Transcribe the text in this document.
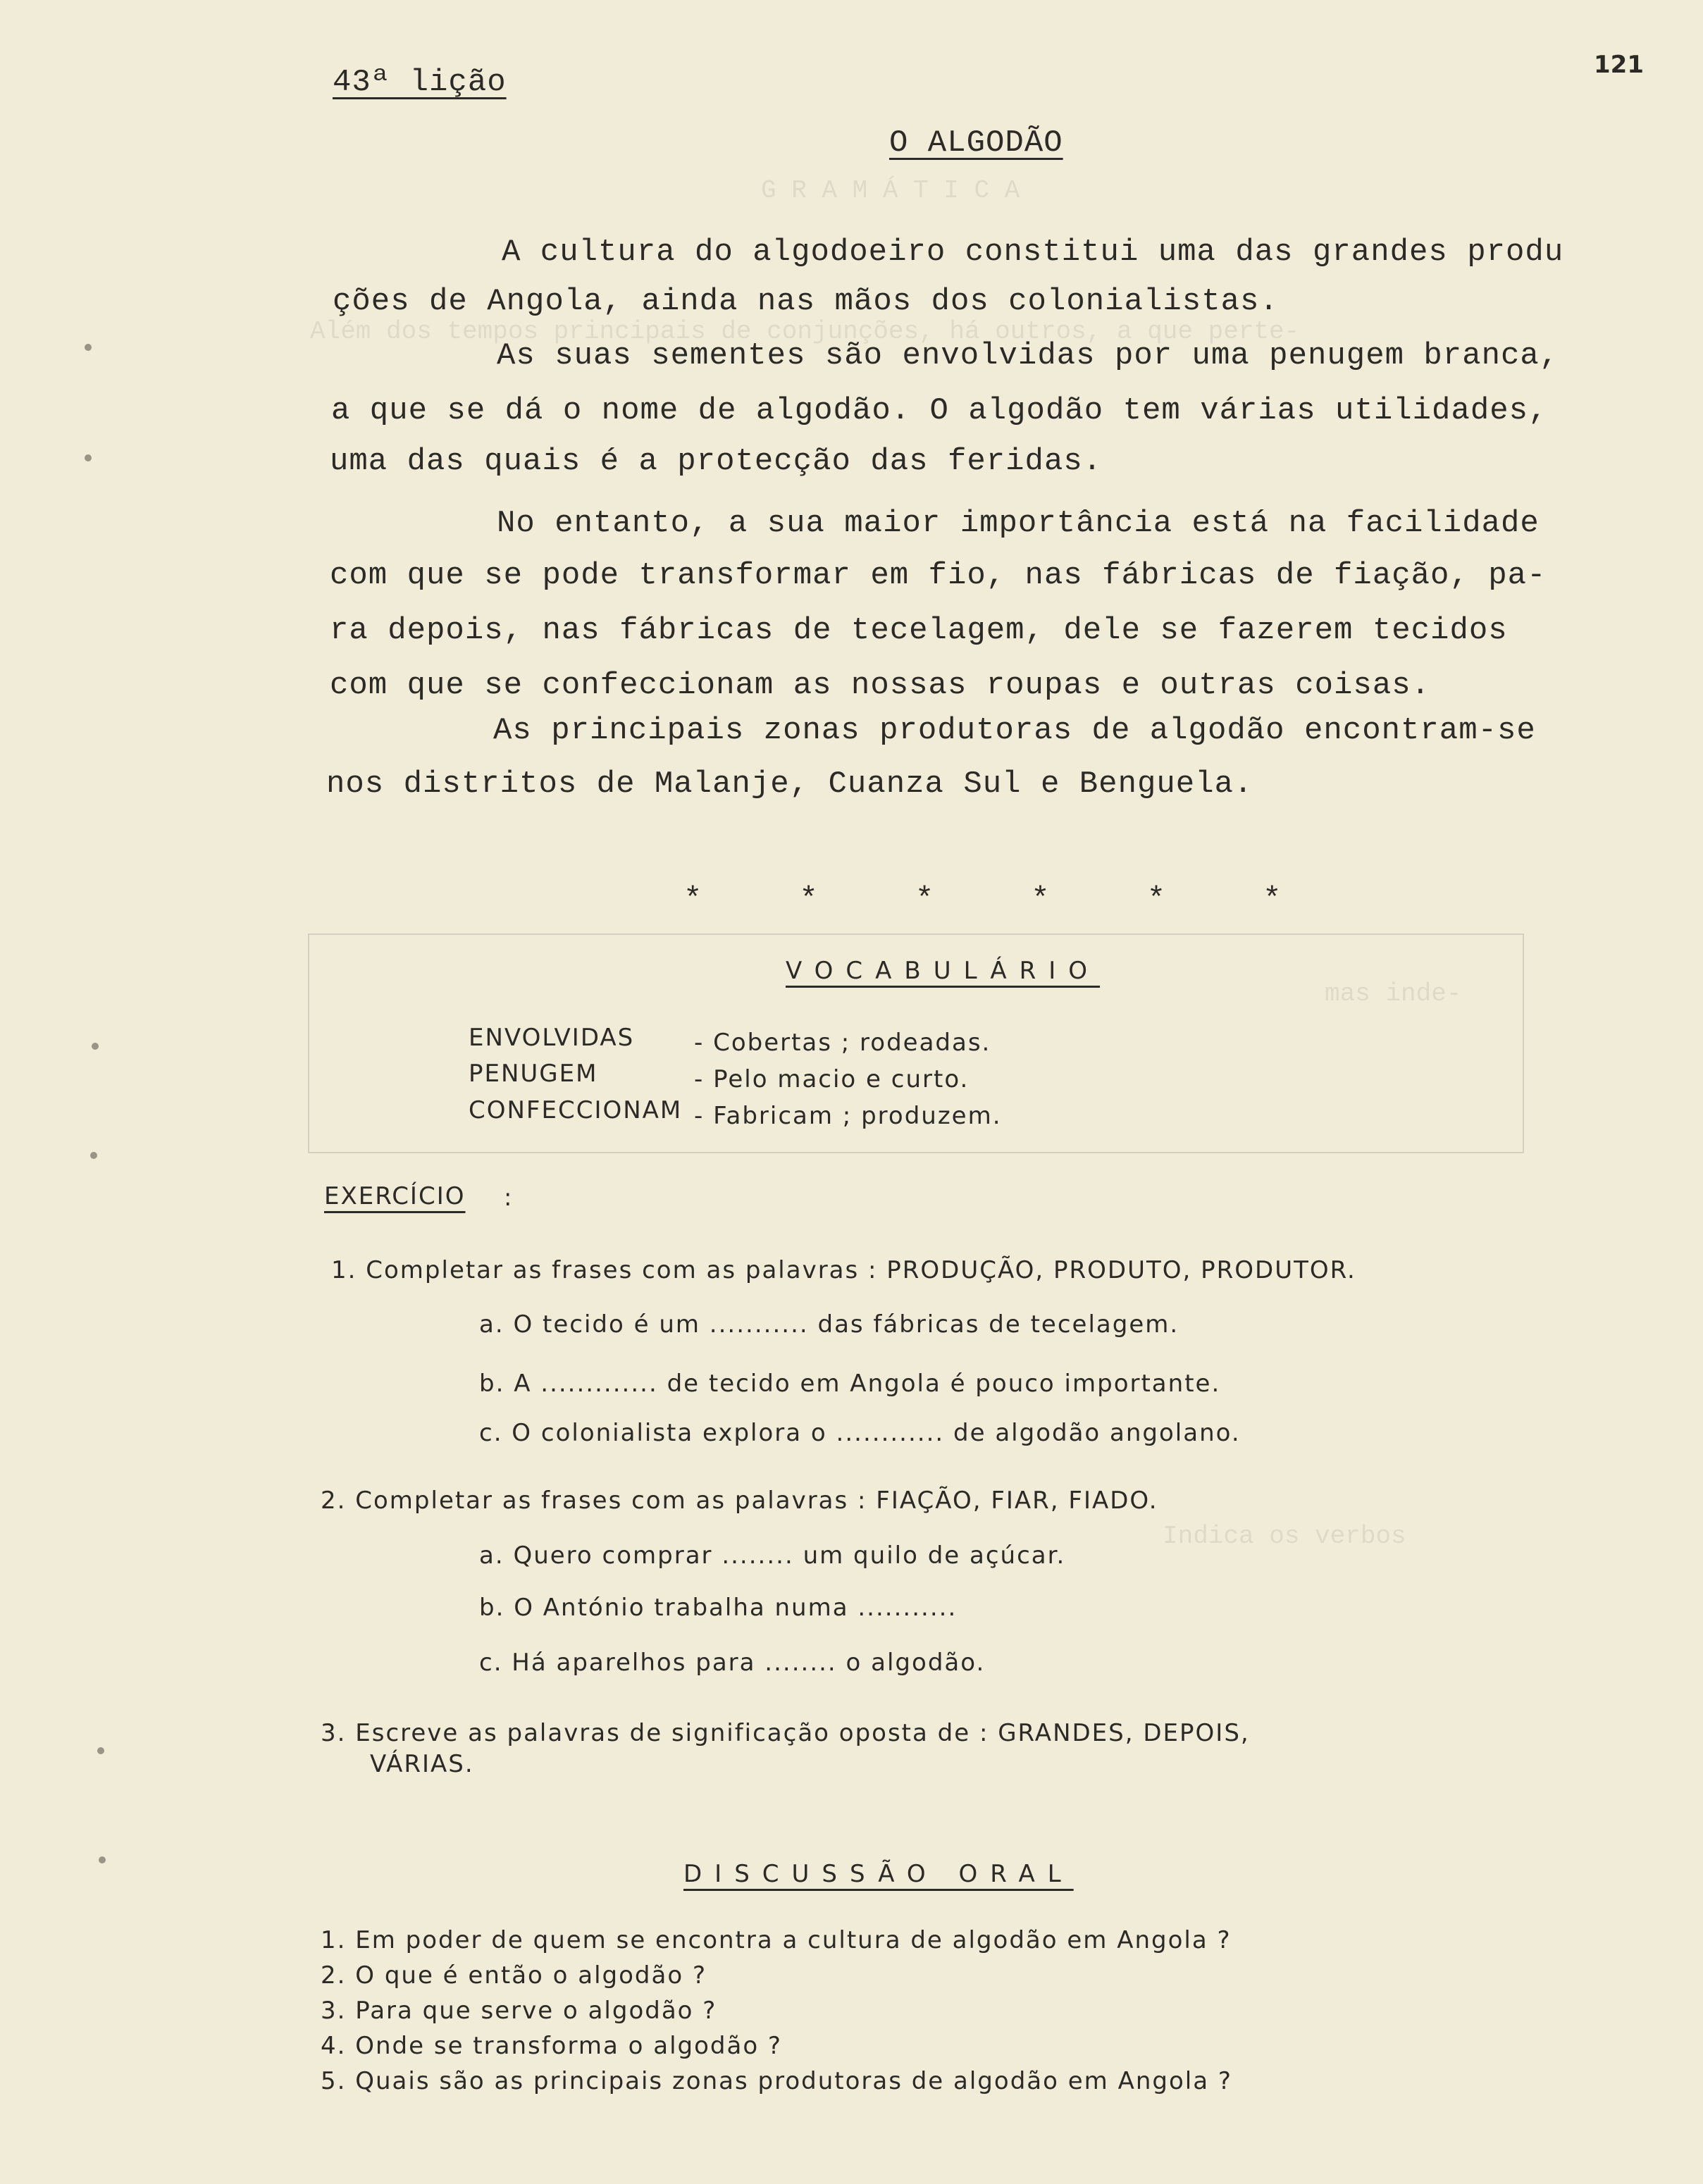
G R A M Á T I C A
Além dos tempos principais de conjunções, há outros, a que perte-
mas inde-
Indica os verbos
121
43ª lição
O ALGODÃO
A cultura do algodoeiro constitui uma das grandes produ
ções de Angola, ainda nas mãos dos colonialistas.
As suas sementes são envolvidas por uma penugem branca,
a que se dá o nome de algodão. O algodão tem várias utilidades,
uma das quais é a protecção das feridas.
No entanto, a sua maior importância está na facilidade
com que se pode transformar em fio, nas fábricas de fiação, pa-
ra depois, nas fábricas de tecelagem, dele se fazerem tecidos
com que se confeccionam as nossas roupas e outras coisas.
As principais zonas produtoras de algodão encontram-se
nos distritos de Malanje, Cuanza Sul e Benguela.
*     *     *     *     *     *
VOCABULÁRIO
ENVOLVIDAS - Cobertas ; rodeadas.
PENUGEM	- Pelo macio e curto.
CONFECCIONAM - Fabricam ; produzem.
EXERCÍCIO :
1. Completar as frases com as palavras : PRODUÇÃO, PRODUTO, PRODUTOR.
a. O tecido é um ........... das fábricas de tecelagem.
b. A ............. de tecido em Angola é pouco importante.
c. O colonialista explora o ............ de algodão angolano.
2. Completar as frases com as palavras : FIAÇÃO, FIAR, FIADO.
a. Quero comprar ........ um quilo de açúcar.
b. O António trabalha numa ...........
c. Há aparelhos para ........ o algodão.
3. Escreve as palavras de significação oposta de : GRANDES, DEPOIS,
VÁRIAS.
DISCUSSÃO ORAL
1. Em poder de quem se encontra a cultura de algodão em Angola ?
2. O que é então o algodão ?
3. Para que serve o algodão ?
4. Onde se transforma o algodão ?
5. Quais são as principais zonas produtoras de algodão em Angola ?
